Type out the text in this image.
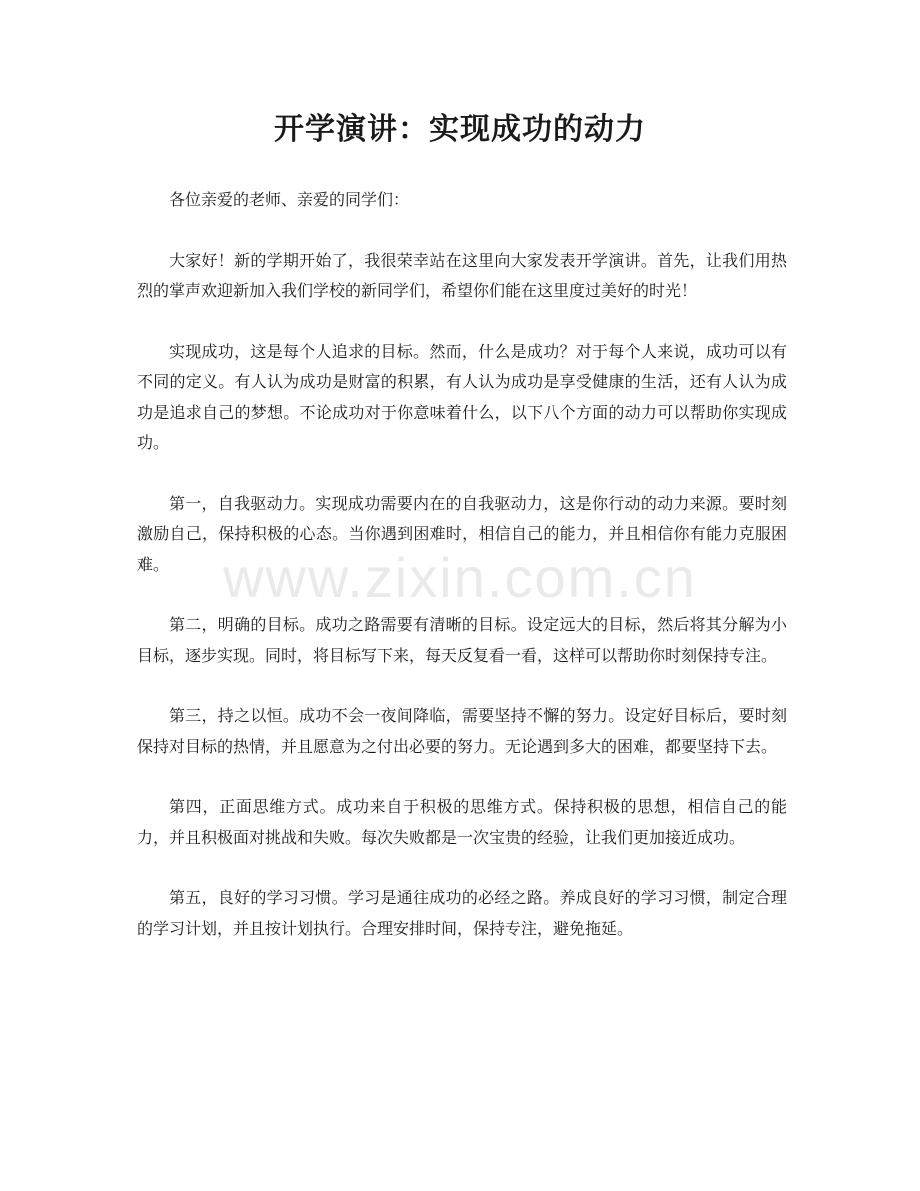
开学演讲：实现成功的动力

各位亲爱的老师、亲爱的同学们：

大家好！新的学期开始了，我很荣幸站在这里向大家发表开学演讲。首先，让我们用热烈的掌声欢迎新加入我们学校的新同学们，希望你们能在这里度过美好的时光！

实现成功，这是每个人追求的目标。然而，什么是成功？对于每个人来说，成功可以有不同的定义。有人认为成功是财富的积累，有人认为成功是享受健康的生活，还有人认为成功是追求自己的梦想。不论成功对于你意味着什么，以下八个方面的动力可以帮助你实现成功。

第一，自我驱动力。实现成功需要内在的自我驱动力，这是你行动的动力来源。要时刻激励自己，保持积极的心态。当你遇到困难时，相信自己的能力，并且相信你有能力克服困难。

第二，明确的目标。成功之路需要有清晰的目标。设定远大的目标，然后将其分解为小目标，逐步实现。同时，将目标写下来，每天反复看一看，这样可以帮助你时刻保持专注。

第三，持之以恒。成功不会一夜间降临，需要坚持不懈的努力。设定好目标后，要时刻保持对目标的热情，并且愿意为之付出必要的努力。无论遇到多大的困难，都要坚持下去。

第四，正面思维方式。成功来自于积极的思维方式。保持积极的思想，相信自己的能力，并且积极面对挑战和失败。每次失败都是一次宝贵的经验，让我们更加接近成功。

第五，良好的学习习惯。学习是通往成功的必经之路。养成良好的学习习惯，制定合理的学习计划，并且按计划执行。合理安排时间，保持专注，避免拖延。

www.zixin.com.cn
